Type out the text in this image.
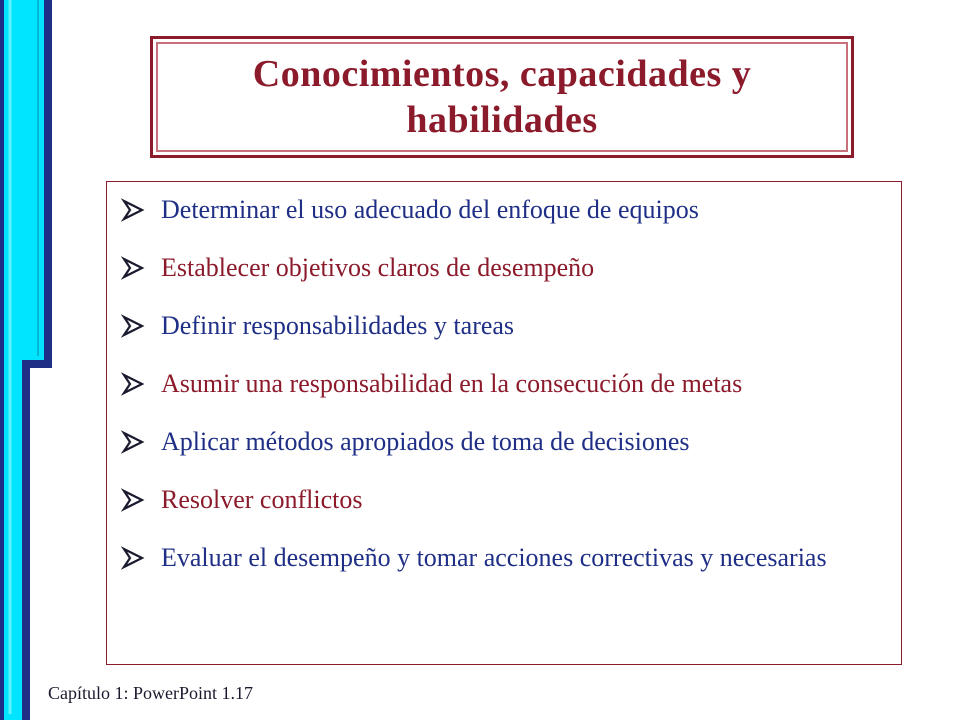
Conocimientos, capacidades y habilidades
Determinar el uso adecuado del enfoque de equipos
Establecer objetivos claros de desempeño
Definir responsabilidades y tareas
Asumir una responsabilidad en la consecución de metas
Aplicar métodos apropiados de toma de decisiones
Resolver conflictos
Evaluar el desempeño y tomar acciones correctivas y necesarias
Capítulo 1: PowerPoint 1.17
